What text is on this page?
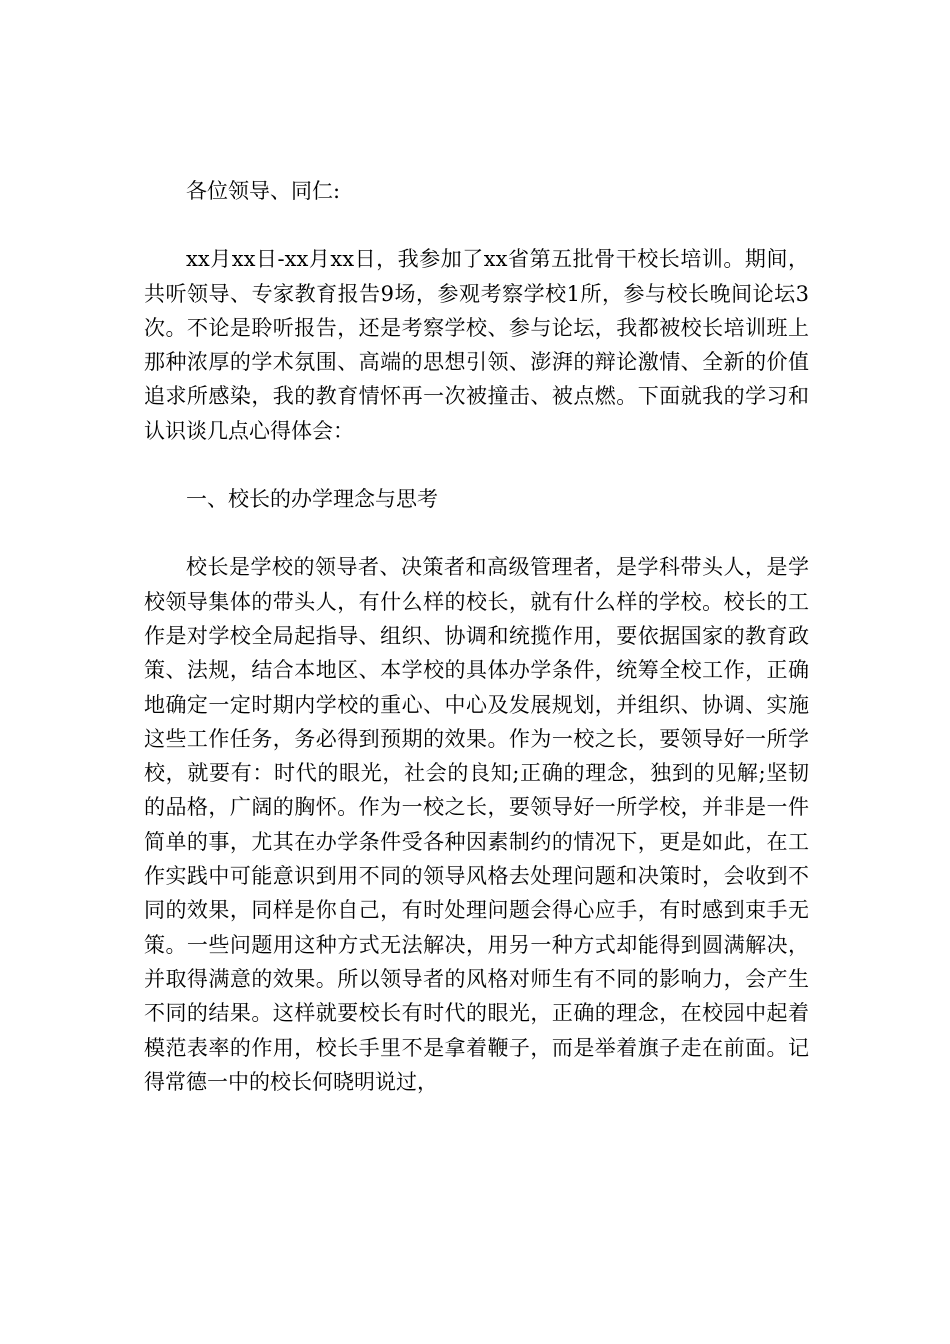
各位领导、同仁:

xx月xx日-xx月xx日，我参加了xx省第五批骨干校长培训。期间，共听领导、专家教育报告9场，参观考察学校1所，参与校长晚间论坛3次。不论是聆听报告，还是考察学校、参与论坛，我都被校长培训班上那种浓厚的学术氛围、高端的思想引领、澎湃的辩论激情、全新的价值追求所感染，我的教育情怀再一次被撞击、被点燃。下面就我的学习和认识谈几点心得体会：

一、校长的办学理念与思考

校长是学校的领导者、决策者和高级管理者，是学科带头人，是学校领导集体的带头人，有什么样的校长，就有什么样的学校。校长的工作是对学校全局起指导、组织、协调和统揽作用，要依据国家的教育政策、法规，结合本地区、本学校的具体办学条件，统筹全校工作，正确地确定一定时期内学校的重心、中心及发展规划，并组织、协调、实施这些工作任务，务必得到预期的效果。作为一校之长，要领导好一所学校，就要有：时代的眼光，社会的良知;正确的理念，独到的见解;坚韧的品格，广阔的胸怀。作为一校之长，要领导好一所学校，并非是一件简单的事，尤其在办学条件受各种因素制约的情况下，更是如此，在工作实践中可能意识到用不同的领导风格去处理问题和决策时，会收到不同的效果，同样是你自己，有时处理问题会得心应手，有时感到束手无策。一些问题用这种方式无法解决，用另一种方式却能得到圆满解决，并取得满意的效果。所以领导者的风格对师生有不同的影响力，会产生不同的结果。这样就要校长有时代的眼光，正确的理念，在校园中起着模范表率的作用，校长手里不是拿着鞭子，而是举着旗子走在前面。记得常德一中的校长何晓明说过，
